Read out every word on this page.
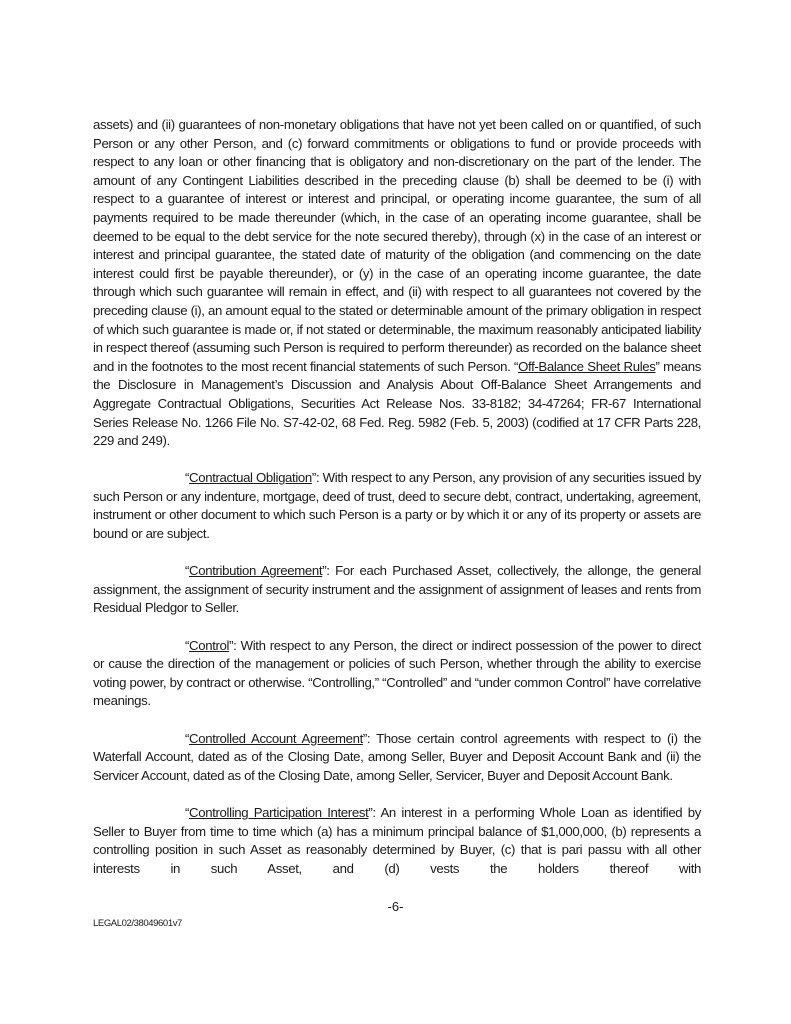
assets) and (ii) guarantees of non-monetary obligations that have not yet been called on or quantified, of such Person or any other Person, and (c) forward commitments or obligations to fund or provide proceeds with respect to any loan or other financing that is obligatory and non-discretionary on the part of the lender. The amount of any Contingent Liabilities described in the preceding clause (b) shall be deemed to be (i) with respect to a guarantee of interest or interest and principal, or operating income guarantee, the sum of all payments required to be made thereunder (which, in the case of an operating income guarantee, shall be deemed to be equal to the debt service for the note secured thereby), through (x) in the case of an interest or interest and principal guarantee, the stated date of maturity of the obligation (and commencing on the date interest could first be payable thereunder), or (y) in the case of an operating income guarantee, the date through which such guarantee will remain in effect, and (ii) with respect to all guarantees not covered by the preceding clause (i), an amount equal to the stated or determinable amount of the primary obligation in respect of which such guarantee is made or, if not stated or determinable, the maximum reasonably anticipated liability in respect thereof (assuming such Person is required to perform thereunder) as recorded on the balance sheet and in the footnotes to the most recent financial statements of such Person. “Off-Balance Sheet Rules” means the Disclosure in Management’s Discussion and Analysis About Off-Balance Sheet Arrangements and Aggregate Contractual Obligations, Securities Act Release Nos. 33-8182; 34-47264; FR-67 International Series Release No. 1266 File No. S7-42-02, 68 Fed. Reg. 5982 (Feb. 5, 2003) (codified at 17 CFR Parts 228, 229 and 249).

“Contractual Obligation”: With respect to any Person, any provision of any securities issued by such Person or any indenture, mortgage, deed of trust, deed to secure debt, contract, undertaking, agreement, instrument or other document to which such Person is a party or by which it or any of its property or assets are bound or are subject.

“Contribution Agreement”: For each Purchased Asset, collectively, the allonge, the general assignment, the assignment of security instrument and the assignment of assignment of leases and rents from Residual Pledgor to Seller.

“Control”: With respect to any Person, the direct or indirect possession of the power to direct or cause the direction of the management or policies of such Person, whether through the ability to exercise voting power, by contract or otherwise. “Controlling,” “Controlled” and “under common Control” have correlative meanings.

“Controlled Account Agreement”: Those certain control agreements with respect to (i) the Waterfall Account, dated as of the Closing Date, among Seller, Buyer and Deposit Account Bank and (ii) the Servicer Account, dated as of the Closing Date, among Seller, Servicer, Buyer and Deposit Account Bank.

“Controlling Participation Interest”: An interest in a performing Whole Loan as identified by Seller to Buyer from time to time which (a) has a minimum principal balance of $1,000,000, (b) represents a controlling position in such Asset as reasonably determined by Buyer, (c) that is pari passu with all other interests in such Asset, and (d) vests the holders thereof with

-6-
LEGAL02/38049601v7
